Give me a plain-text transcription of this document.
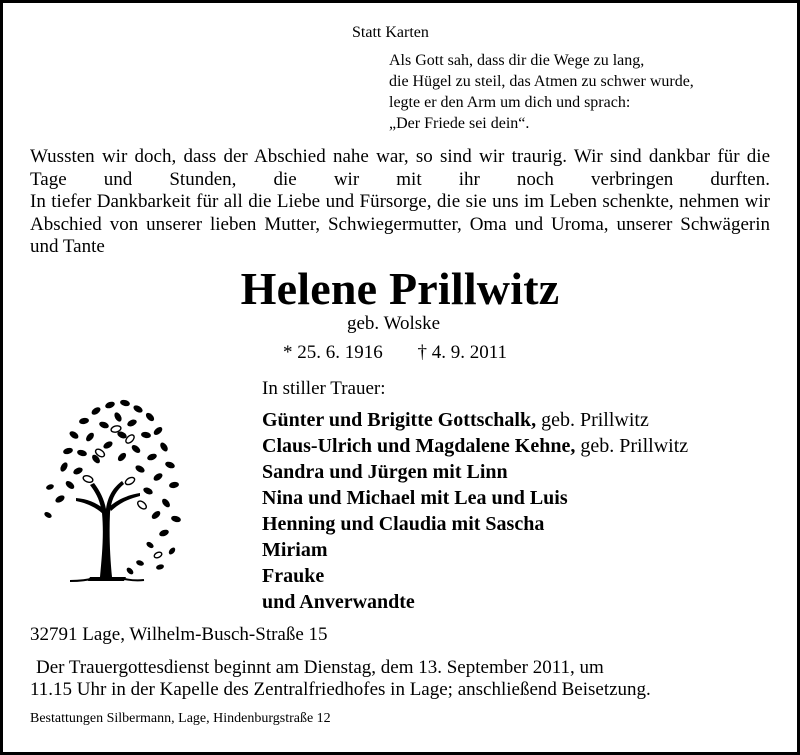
Statt Karten
Als Gott sah, dass dir die Wege zu lang,
die Hügel zu steil, das Atmen zu schwer wurde,
legte er den Arm um dich und sprach:
„Der Friede sei dein“.

Wussten wir doch, dass der Abschied nahe war, so sind wir traurig. Wir sind dankbar für die Tage und Stunden, die wir mit ihr noch verbringen durften.

In tiefer Dankbarkeit für all die Liebe und Fürsorge, die sie uns im Leben schenkte, nehmen wir Abschied von unserer lieben Mutter, Schwiegermutter, Oma und Uroma, unserer Schwägerin und Tante

Helene Prillwitz
geb. Wolske
* 25. 6. 1916 † 4. 9. 2011
In stiller Trauer:
Günter und Brigitte Gottschalk, geb. Prillwitz
Claus-Ulrich und Magdalene Kehne, geb. Prillwitz
Sandra und Jürgen mit Linn
Nina und Michael mit Lea und Luis
Henning und Claudia mit Sascha
Miriam
Frauke
und Anverwandte
32791 Lage, Wilhelm-Busch-Straße 15
Der Trauergottesdienst beginnt am Dienstag, dem 13. September 2011, um
11.15 Uhr in der Kapelle des Zentralfriedhofes in Lage; anschließend Beisetzung.
Bestattungen Silbermann, Lage, Hindenburgstraße 12
